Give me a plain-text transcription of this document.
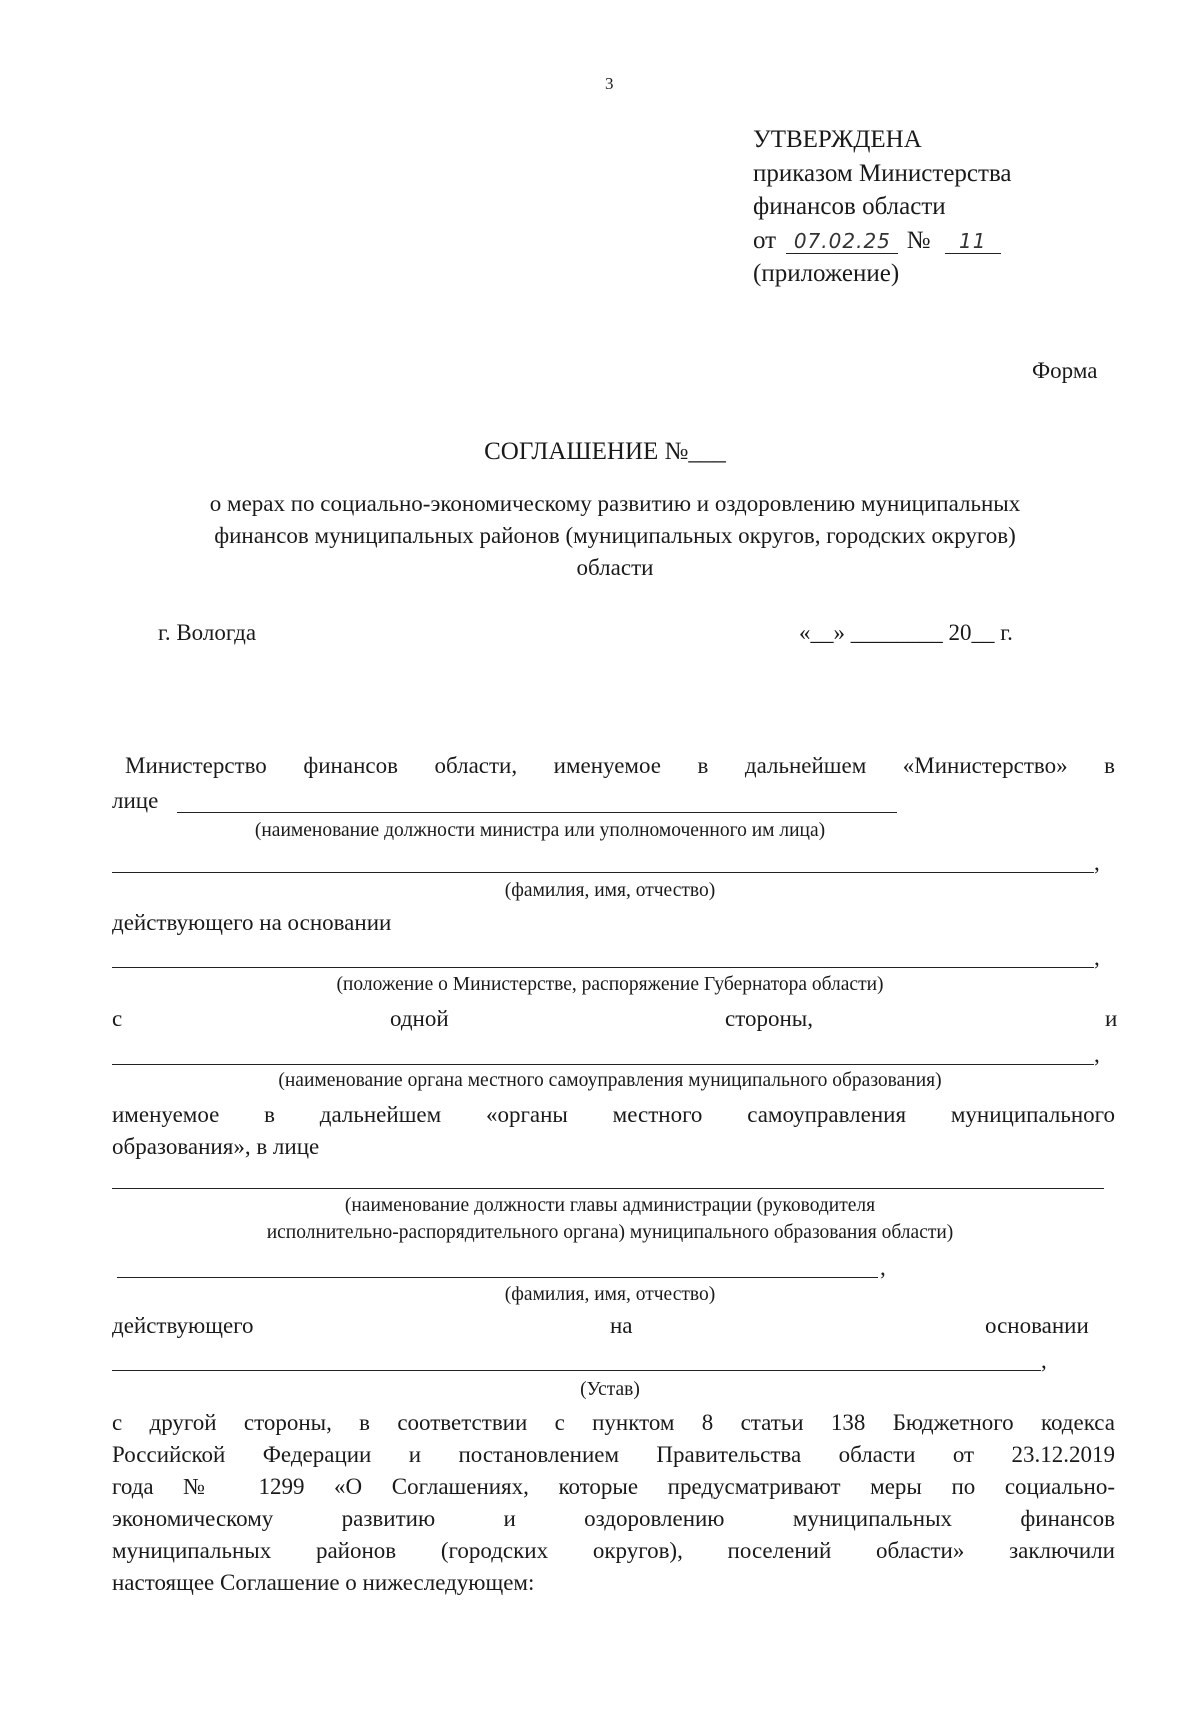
3
УТВЕРЖДЕНА
приказом Министерства
финансов области
от 07.02.25 № 11
(приложение)
Форма
СОГЛАШЕНИЕ №___
о мерах по социально-экономическому развитию и оздоровлению муниципальных
финансов муниципальных районов (муниципальных округов, городских округов)
области
г. Вологда	«__» ________ 20__ г.
Министерство финансов области, именуемое в дальнейшем «Министерство» в
лице
(наименование должности министра или уполномоченного им лица)
,
(фамилия, имя, отчество)
действующего на основании
,
(положение о Министерстве, распоряжение Губернатора области)
с	одной	стороны,	и
,
(наименование органа местного самоуправления муниципального образования)
именуемое в дальнейшем «органы местного самоуправления муниципального
образования», в лице
(наименование должности главы администрации (руководителя
исполнительно-распорядительного органа) муниципального образования области)
,
(фамилия, имя, отчество)
действующего	на	основании
,
(Устав)
с другой стороны, в соответствии с пунктом 8 статьи 138 Бюджетного кодекса
Российской Федерации и постановлением Правительства области от 23.12.2019
года № 1299 «О Соглашениях, которые предусматривают меры по социально-
экономическому развитию и оздоровлению муниципальных финансов
муниципальных районов (городских округов), поселений области» заключили
настоящее Соглашение о нижеследующем:
